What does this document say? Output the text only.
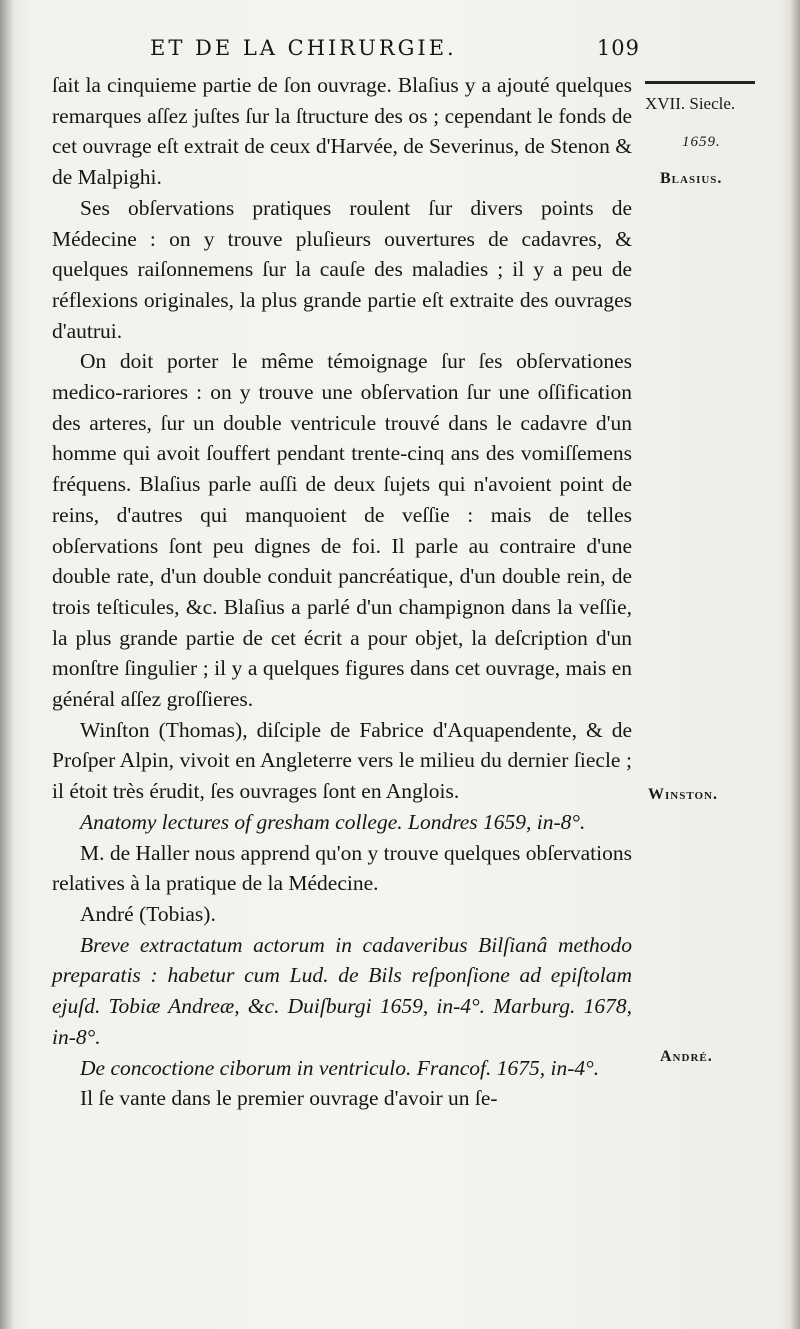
ET DE LA CHIRURGIE.	109
XVII. Siecle.
1659.
Blasius.
Winston.
André.

ſait la cinquieme partie de ſon ouvrage. Blaſius y a ajouté quelques remarques aſſez juſtes ſur la ſtructure des os ; cependant le fonds de cet ouvrage eſt extrait de ceux d'Harvée, de Severinus, de Stenon & de Malpighi.

Ses obſervations pratiques roulent ſur divers points de Médecine : on y trouve pluſieurs ouvertures de cadavres, & quelques raiſonnemens ſur la cauſe des maladies ; il y a peu de réflexions originales, la plus grande partie eſt extraite des ouvrages d'autrui.

On doit porter le même témoignage ſur ſes obſervationes medico-rariores : on y trouve une obſervation ſur une oſſification des arteres, ſur un double ventricule trouvé dans le cadavre d'un homme qui avoit ſouffert pendant trente-cinq ans des vomiſſemens fréquens. Blaſius parle auſſi de deux ſujets qui n'avoient point de reins, d'autres qui manquoient de veſſie : mais de telles obſervations ſont peu dignes de foi. Il parle au contraire d'une double rate, d'un double conduit pancréatique, d'un double rein, de trois teſticules, &c. Blaſius a parlé d'un champignon dans la veſſie, la plus grande partie de cet écrit a pour objet, la deſcription d'un monſtre ſingulier ; il y a quelques figures dans cet ouvrage, mais en général aſſez groſſieres.

Winſton (Thomas), diſciple de Fabrice d'Aquapendente, & de Proſper Alpin, vivoit en Angleterre vers le milieu du dernier ſiecle ; il étoit très érudit, ſes ouvrages ſont en Anglois.

Anatomy lectures of gresham college. Londres 1659, in-8°.

M. de Haller nous apprend qu'on y trouve quelques obſervations relatives à la pratique de la Médecine.

André (Tobias).

Breve extractatum actorum in cadaveribus Bilſianâ methodo preparatis : habetur cum Lud. de Bils reſponſione ad epiſtolam ejuſd. Tobiæ Andreæ, &c. Duiſburgi 1659, in-4°. Marburg. 1678, in-8°.

De concoctione ciborum in ventriculo. Francof. 1675, in-4°.

Il ſe vante dans le premier ouvrage d'avoir un ſe-
